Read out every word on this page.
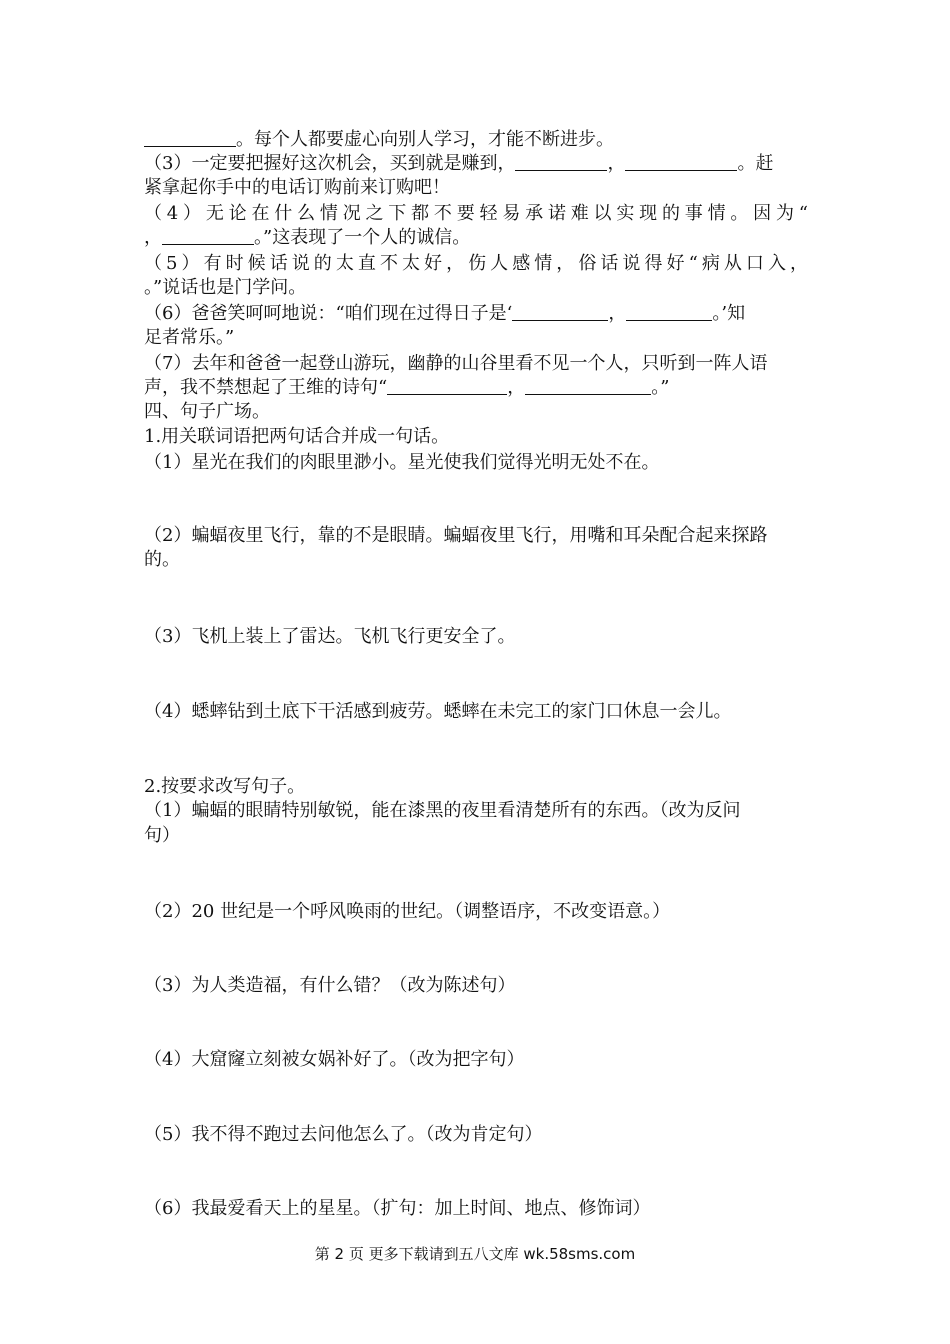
。每个人都要虚心向别人学习，才能不断进步。
（3）一定要把握好这次机会，买到就是赚到，	，	。赶
紧拿起你手中的电话订购前来订购吧！
（4）无论在什么情况之下都不要轻易承诺难以实现的事情。因为“
，	。”这表现了一个人的诚信。
（5）有时候话说的太直不太好，伤人感情，俗话说得好“病从口入，
。”说话也是门学问。
（6）爸爸笑呵呵地说：“咱们现在过得日子是‘	，	。’知
足者常乐。”
（7）去年和爸爸一起登山游玩，幽静的山谷里看不见一个人，只听到一阵人语
声，我不禁想起了王维的诗句“	，	。”
四、句子广场。
1.用关联词语把两句话合并成一句话。
（1）星光在我们的肉眼里渺小。星光使我们觉得光明无处不在。
（2）蝙蝠夜里飞行，靠的不是眼睛。蝙蝠夜里飞行，用嘴和耳朵配合起来探路
的。
（3）飞机上装上了雷达。飞机飞行更安全了。
（4）蟋蟀钻到土底下干活感到疲劳。蟋蟀在未完工的家门口休息一会儿。
2.按要求改写句子。
（1）蝙蝠的眼睛特别敏锐，能在漆黑的夜里看清楚所有的东西。（改为反问
句）
（2）20 世纪是一个呼风唤雨的世纪。（调整语序，不改变语意。）
（3）为人类造福，有什么错？（改为陈述句）
（4）大窟窿立刻被女娲补好了。（改为把字句）
（5）我不得不跑过去问他怎么了。（改为肯定句）
（6）我最爱看天上的星星。（扩句：加上时间、地点、修饰词）
第 2 页 更多下载请到五八文库 wk.58sms.com
